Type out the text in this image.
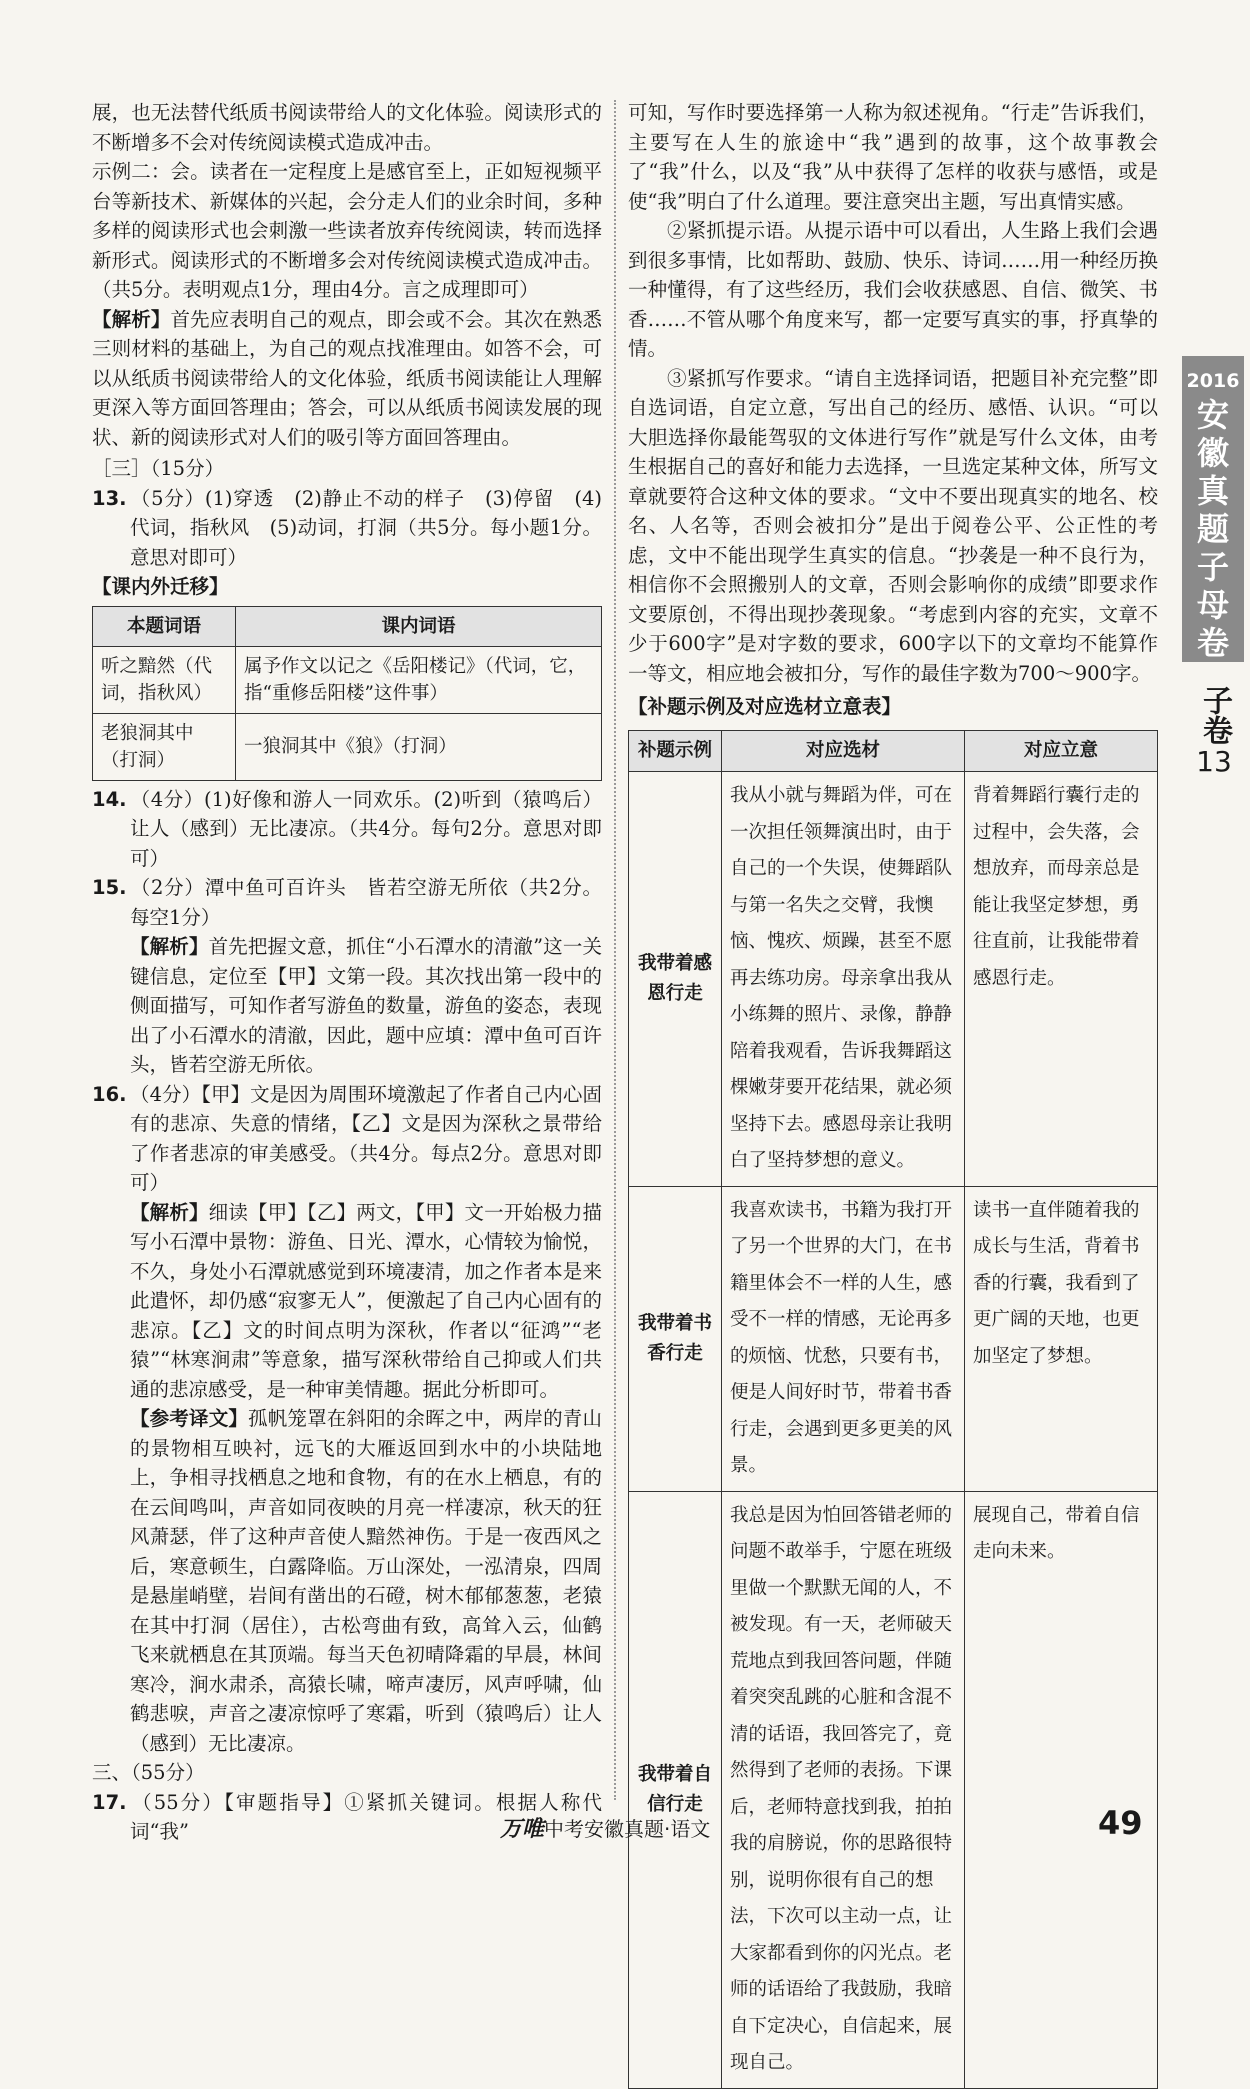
展，也无法替代纸质书阅读带给人的文化体验。阅读形式的不断增多不会对传统阅读模式造成冲击。

示例二：会。读者在一定程度上是感官至上，正如短视频平台等新技术、新媒体的兴起，会分走人们的业余时间，多种多样的阅读形式也会刺激一些读者放弃传统阅读，转而选择新形式。阅读形式的不断增多会对传统阅读模式造成冲击。（共5分。表明观点1分，理由4分。言之成理即可）

【解析】首先应表明自己的观点，即会或不会。其次在熟悉三则材料的基础上，为自己的观点找准理由。如答不会，可以从纸质书阅读带给人的文化体验，纸质书阅读能让人理解更深入等方面回答理由；答会，可以从纸质书阅读发展的现状、新的阅读形式对人们的吸引等方面回答理由。

［三］（15分）

13. （5分）(1)穿透　(2)静止不动的样子　(3)停留　(4)代词，指秋风　(5)动词，打洞（共5分。每小题1分。意思对即可）

【课内外迁移】

本题词语	课内词语
听之黯然（代词，指秋风）	属予作文以记之《岳阳楼记》（代词，它，指“重修岳阳楼”这件事）
老狼洞其中（打洞）	一狼洞其中《狼》（打洞）

14. （4分）(1)好像和游人一同欢乐。(2)听到（猿鸣后）让人（感到）无比凄凉。（共4分。每句2分。意思对即可）

15. （2分）潭中鱼可百许头　皆若空游无所依（共2分。每空1分）
【解析】首先把握文意，抓住“小石潭水的清澈”这一关键信息，定位至【甲】文第一段。其次找出第一段中的侧面描写，可知作者写游鱼的数量，游鱼的姿态，表现出了小石潭水的清澈，因此，题中应填：潭中鱼可百许头，皆若空游无所依。

16. （4分）【甲】文是因为周围环境激起了作者自己内心固有的悲凉、失意的情绪，【乙】文是因为深秋之景带给了作者悲凉的审美感受。（共4分。每点2分。意思对即可）
【解析】细读【甲】【乙】两文，【甲】文一开始极力描写小石潭中景物：游鱼、日光、潭水，心情较为愉悦，不久，身处小石潭就感觉到环境凄清，加之作者本是来此遣怀，却仍感“寂寥无人”，便激起了自己内心固有的悲凉。【乙】文的时间点明为深秋，作者以“征鸿”“老猿”“林寒涧肃”等意象，描写深秋带给自己抑或人们共通的悲凉感受，是一种审美情趣。据此分析即可。
【参考译文】孤帆笼罩在斜阳的余晖之中，两岸的青山的景物相互映衬，远飞的大雁返回到水中的小块陆地上，争相寻找栖息之地和食物，有的在水上栖息，有的在云间鸣叫，声音如同夜映的月亮一样凄凉，秋天的狂风萧瑟，伴了这种声音使人黯然神伤。于是一夜西风之后，寒意顿生，白露降临。万山深处，一泓清泉，四周是悬崖峭壁，岩间有凿出的石磴，树木郁郁葱葱，老猿在其中打洞（居住），古松弯曲有致，高耸入云，仙鹤飞来就栖息在其顶端。每当天色初晴降霜的早晨，林间寒冷，涧水肃杀，高猿长啸，啼声凄厉，风声呼啸，仙鹤悲唳，声音之凄凉惊呼了寒霜，听到（猿鸣后）让人（感到）无比凄凉。

三、（55分）

17. （55分）【审题指导】①紧抓关键词。根据人称代词“我”

可知，写作时要选择第一人称为叙述视角。“行走”告诉我们，主要写在人生的旅途中“我”遇到的故事，这个故事教会了“我”什么，以及“我”从中获得了怎样的收获与感悟，或是使“我”明白了什么道理。要注意突出主题，写出真情实感。

②紧抓提示语。从提示语中可以看出，人生路上我们会遇到很多事情，比如帮助、鼓励、快乐、诗词……用一种经历换一种懂得，有了这些经历，我们会收获感恩、自信、微笑、书香……不管从哪个角度来写，都一定要写真实的事，抒真挚的情。

③紧抓写作要求。“请自主选择词语，把题目补充完整”即自选词语，自定立意，写出自己的经历、感悟、认识。“可以大胆选择你最能驾驭的文体进行写作”就是写什么文体，由考生根据自己的喜好和能力去选择，一旦选定某种文体，所写文章就要符合这种文体的要求。“文中不要出现真实的地名、校名、人名等，否则会被扣分”是出于阅卷公平、公正性的考虑，文中不能出现学生真实的信息。“抄袭是一种不良行为，相信你不会照搬别人的文章，否则会影响你的成绩”即要求作文要原创，不得出现抄袭现象。“考虑到内容的充实，文章不少于600字”是对字数的要求，600字以下的文章均不能算作一等文，相应地会被扣分，写作的最佳字数为700～900字。

【补题示例及对应选材立意表】

补题示例	对应选材	对应立意
我带着感恩行走	我从小就与舞蹈为伴，可在一次担任领舞演出时，由于自己的一个失误，使舞蹈队与第一名失之交臂，我懊恼、愧疚、烦躁，甚至不愿再去练功房。母亲拿出我从小练舞的照片、录像，静静陪着我观看，告诉我舞蹈这棵嫩芽要开花结果，就必须坚持下去。感恩母亲让我明白了坚持梦想的意义。	背着舞蹈行囊行走的过程中，会失落，会想放弃，而母亲总是能让我坚定梦想，勇往直前，让我能带着感恩行走。
我带着书香行走	我喜欢读书，书籍为我打开了另一个世界的大门，在书籍里体会不一样的人生，感受不一样的情感，无论再多的烦恼、忧愁，只要有书，便是人间好时节，带着书香行走，会遇到更多更美的风景。	读书一直伴随着我的成长与生活，背着书香的行囊，我看到了更广阔的天地，也更加坚定了梦想。
我带着自信行走	我总是因为怕回答错老师的问题不敢举手，宁愿在班级里做一个默默无闻的人，不被发现。有一天，老师破天荒地点到我回答问题，伴随着突突乱跳的心脏和含混不清的话语，我回答完了，竟然得到了老师的表扬。下课后，老师特意找到我，拍拍我的肩膀说，你的思路很特别，说明你很有自己的想法，下次可以主动一点，让大家都看到你的闪光点。老师的话语给了我鼓励，我暗自下定决心，自信起来，展现自己。	展现自己，带着自信走向未来。
2016
安
徽
真
题
子
母
卷
子卷
13
万唯中考安徽真题·语文	49
